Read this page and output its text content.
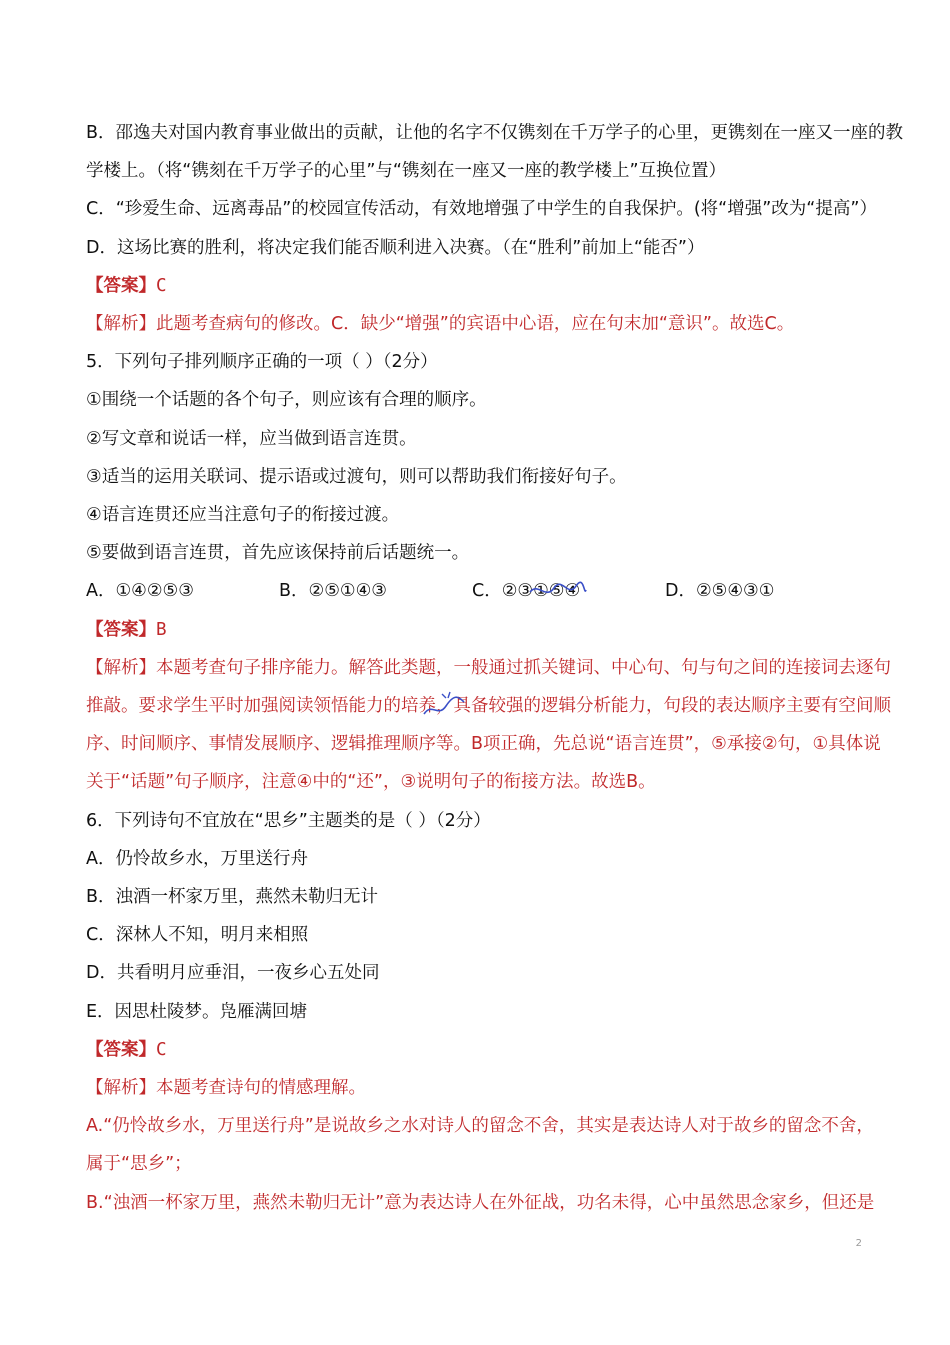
B．邵逸夫对国内教育事业做出的贡献，让他的名字不仅镌刻在千万学子的心里，更镌刻在一座又一座的教
学楼上。（将“镌刻在千万学子的心里”与“镌刻在一座又一座的教学楼上”互换位置）
C．“珍爱生命、远离毒品”的校园宣传活动，有效地增强了中学生的自我保护。(将“增强”改为“提高”）
D．这场比赛的胜利，将决定我们能否顺利进入决赛。（在“胜利”前加上“能否”）
【答案】C
【解析】此题考查病句的修改。C．缺少“增强”的宾语中心语，应在句末加“意识”。故选C。
5．下列句子排列顺序正确的一项（ ）（2分）
①围绕一个话题的各个句子，则应该有合理的顺序。
②写文章和说话一样，应当做到语言连贯。
③适当的运用关联词、提示语或过渡句，则可以帮助我们衔接好句子。
④语言连贯还应当注意句子的衔接过渡。
⑤要做到语言连贯，首先应该保持前后话题统一。
A．①④②⑤③	B．②⑤①④③	C．②③①⑤④	D．②⑤④③①
【答案】B
【解析】本题考查句子排序能力。解答此类题，一般通过抓关键词、中心句、句与句之间的连接词去逐句
推敲。要求学生平时加强阅读领悟能力的培养，具备较强的逻辑分析能力，句段的表达顺序主要有空间顺
序、时间顺序、事情发展顺序、逻辑推理顺序等。B项正确，先总说“语言连贯”，⑤承接②句，①具体说
关于“话题”句子顺序，注意④中的“还”，③说明句子的衔接方法。故选B。
6．下列诗句不宜放在“思乡”主题类的是（ ）（2分）
A．仍怜故乡水，万里送行舟
B．浊酒一杯家万里，燕然未勒归无计
C．深林人不知，明月来相照
D．共看明月应垂泪，一夜乡心五处同
E．因思杜陵梦。凫雁满回塘
【答案】C
【解析】本题考查诗句的情感理解。
A.“仍怜故乡水，万里送行舟”是说故乡之水对诗人的留念不舍，其实是表达诗人对于故乡的留念不舍，
属于“思乡”；
B.“浊酒一杯家万里，燕然未勒归无计”意为表达诗人在外征战，功名未得，心中虽然思念家乡，但还是
2
